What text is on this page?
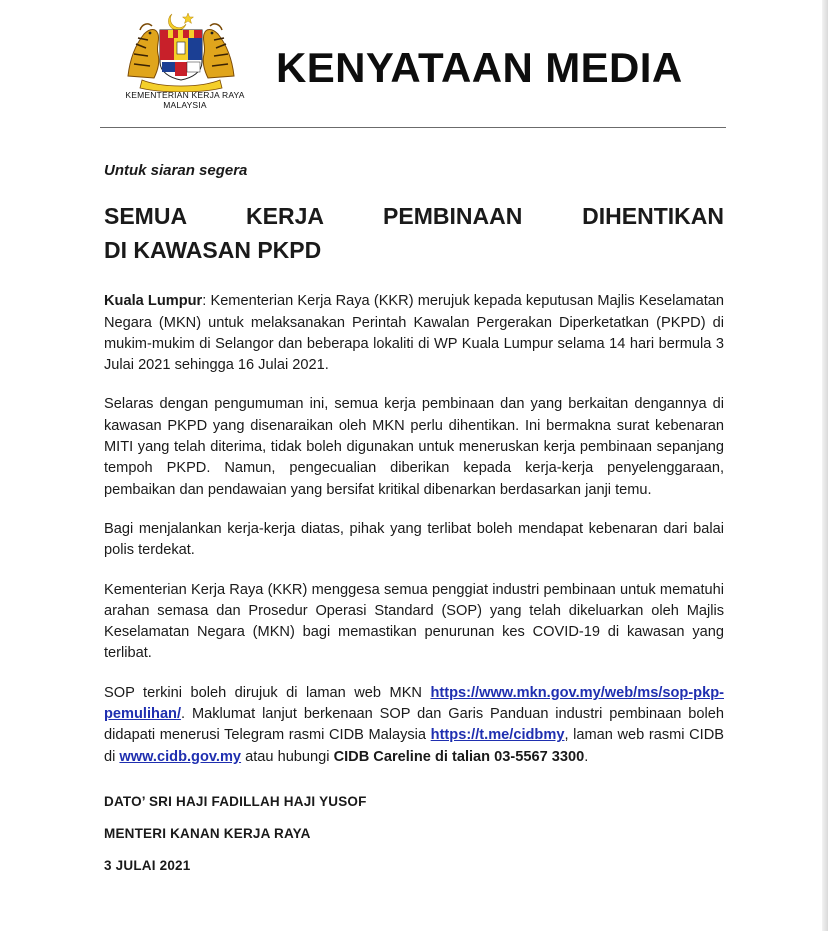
KEMENTERIAN KERJA RAYA
MALAYSIA
KENYATAAN MEDIA

Untuk siaran segera

SEMUA KERJA PEMBINAAN DIHENTIKAN
DI KAWASAN PKPD

Kuala Lumpur: Kementerian Kerja Raya (KKR) merujuk kepada keputusan Majlis Keselamatan Negara (MKN) untuk melaksanakan Perintah Kawalan Pergerakan Diperketatkan (PKPD) di mukim-mukim di Selangor dan beberapa lokaliti di WP Kuala Lumpur selama 14 hari bermula 3 Julai 2021 sehingga 16 Julai 2021.

Selaras dengan pengumuman ini, semua kerja pembinaan dan yang berkaitan dengannya di kawasan PKPD yang disenaraikan oleh MKN perlu dihentikan. Ini bermakna surat kebenaran MITI yang telah diterima, tidak boleh digunakan untuk meneruskan kerja pembinaan sepanjang tempoh PKPD. Namun, pengecualian diberikan kepada kerja-kerja penyelenggaraan, pembaikan dan pendawaian yang bersifat kritikal dibenarkan berdasarkan janji temu.

Bagi menjalankan kerja-kerja diatas, pihak yang terlibat boleh mendapat kebenaran dari balai polis terdekat.

Kementerian Kerja Raya (KKR) menggesa semua penggiat industri pembinaan untuk mematuhi arahan semasa dan Prosedur Operasi Standard (SOP) yang telah dikeluarkan oleh Majlis Keselamatan Negara (MKN) bagi memastikan penurunan kes COVID-19 di kawasan yang terlibat.

SOP terkini boleh dirujuk di laman web MKN https://www.mkn.gov.my/web/ms/sop-pkp-pemulihan/. Maklumat lanjut berkenaan SOP dan Garis Panduan industri pembinaan boleh didapati menerusi Telegram rasmi CIDB Malaysia https://t.me/cidbmy, laman web rasmi CIDB di www.cidb.gov.my atau hubungi CIDB Careline di talian 03-5567 3300.

DATO’ SRI HAJI FADILLAH HAJI YUSOF

MENTERI KANAN KERJA RAYA

3 JULAI 2021
